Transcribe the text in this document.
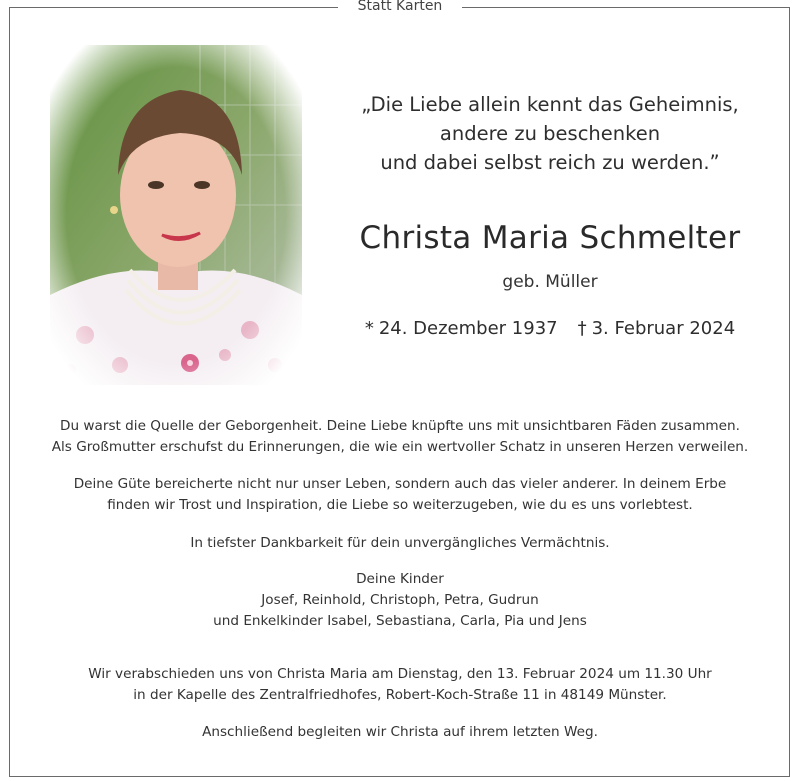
Statt Karten
„Die Liebe allein kennt das Geheimnis,
andere zu beschenken
und dabei selbst reich zu werden.”
Christa Maria Schmelter
geb. Müller
* 24. Dezember 1937 † 3. Februar 2024
Du warst die Quelle der Geborgenheit. Deine Liebe knüpfte uns mit unsichtbaren Fäden zusammen.
Als Großmutter erschufst du Erinnerungen, die wie ein wertvoller Schatz in unseren Herzen verweilen.
Deine Güte bereicherte nicht nur unser Leben, sondern auch das vieler anderer. In deinem Erbe
finden wir Trost und Inspiration, die Liebe so weiterzugeben, wie du es uns vorlebtest.
In tiefster Dankbarkeit für dein unvergängliches Vermächtnis.
Deine Kinder
Josef, Reinhold, Christoph, Petra, Gudrun
und Enkelkinder Isabel, Sebastiana, Carla, Pia und Jens
Wir verabschieden uns von Christa Maria am Dienstag, den 13. Februar 2024 um 11.30 Uhr
in der Kapelle des Zentralfriedhofes, Robert-Koch-Straße 11 in 48149 Münster.
Anschließend begleiten wir Christa auf ihrem letzten Weg.
